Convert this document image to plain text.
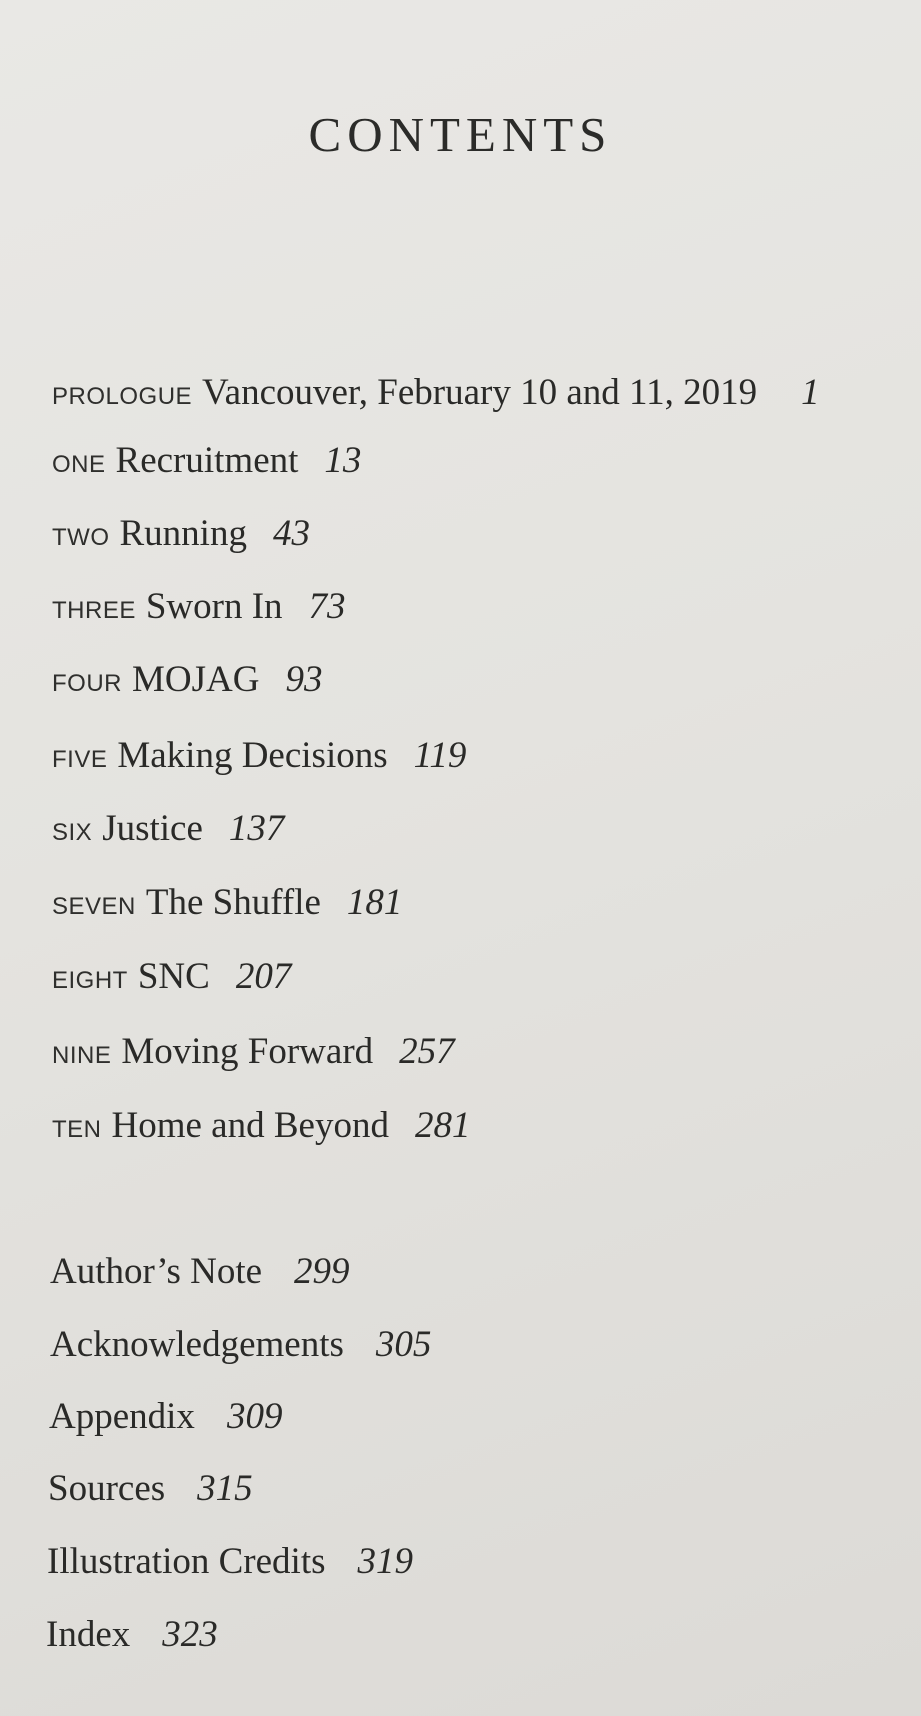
CONTENTS
PROLOGUE Vancouver, February 10 and 11, 2019 1
ONE Recruitment 13
TWO Running 43
THREE Sworn In 73
FOUR MOJAG 93
FIVE Making Decisions 119
SIX Justice 137
SEVEN The Shuffle 181
EIGHT SNC 207
NINE Moving Forward 257
TEN Home and Beyond 281
Author’s Note 299
Acknowledgements 305
Appendix 309
Sources 315
Illustration Credits 319
Index 323
